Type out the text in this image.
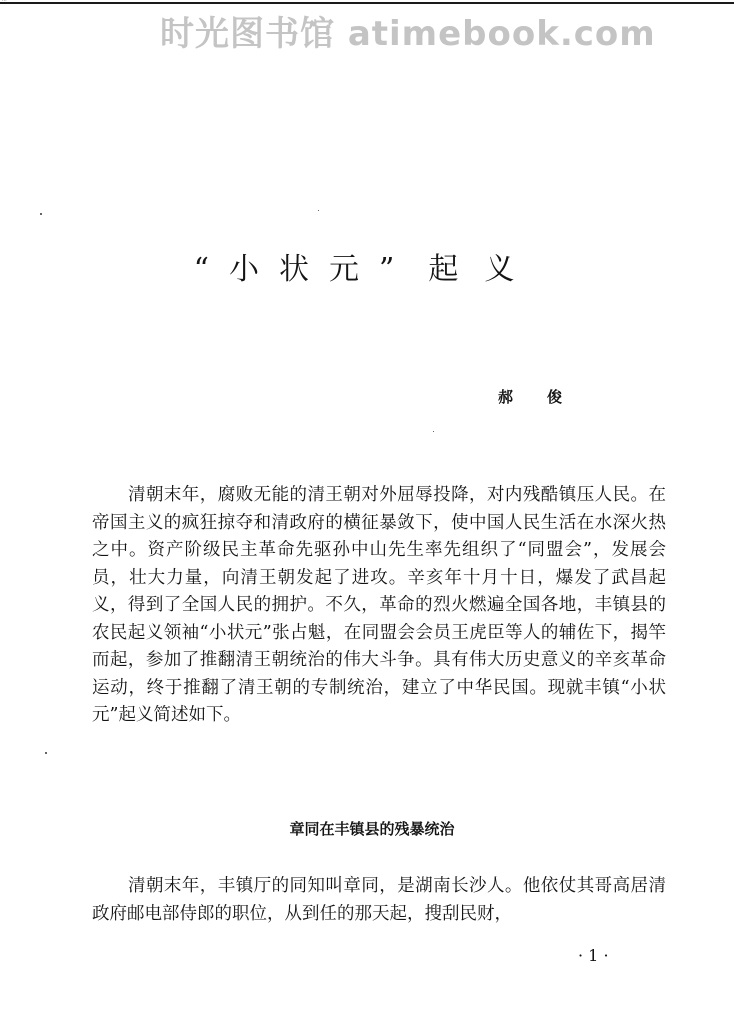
...
时光图书馆 atimebook.com
“小状元” 起义
郝俊

清朝末年，腐败无能的清王朝对外屈辱投降，对内残酷镇压人民。在帝国主义的疯狂掠夺和清政府的横征暴敛下，使中国人民生活在水深火热之中。资产阶级民主革命先驱孙中山先生率先组织了“同盟会”，发展会员，壮大力量，向清王朝发起了进攻。辛亥年十月十日，爆发了武昌起义，得到了全国人民的拥护。不久，革命的烈火燃遍全国各地，丰镇县的农民起义领袖“小状元”张占魁，在同盟会会员王虎臣等人的辅佐下，揭竿而起，参加了推翻清王朝统治的伟大斗争。具有伟大历史意义的辛亥革命运动，终于推翻了清王朝的专制统治，建立了中华民国。现就丰镇“小状元”起义简述如下。

章同在丰镇县的残暴统治

清朝末年，丰镇厅的同知叫章同，是湖南长沙人。他依仗其哥高居清政府邮电部侍郎的职位，从到任的那天起，搜刮民财，

· 1 ·
